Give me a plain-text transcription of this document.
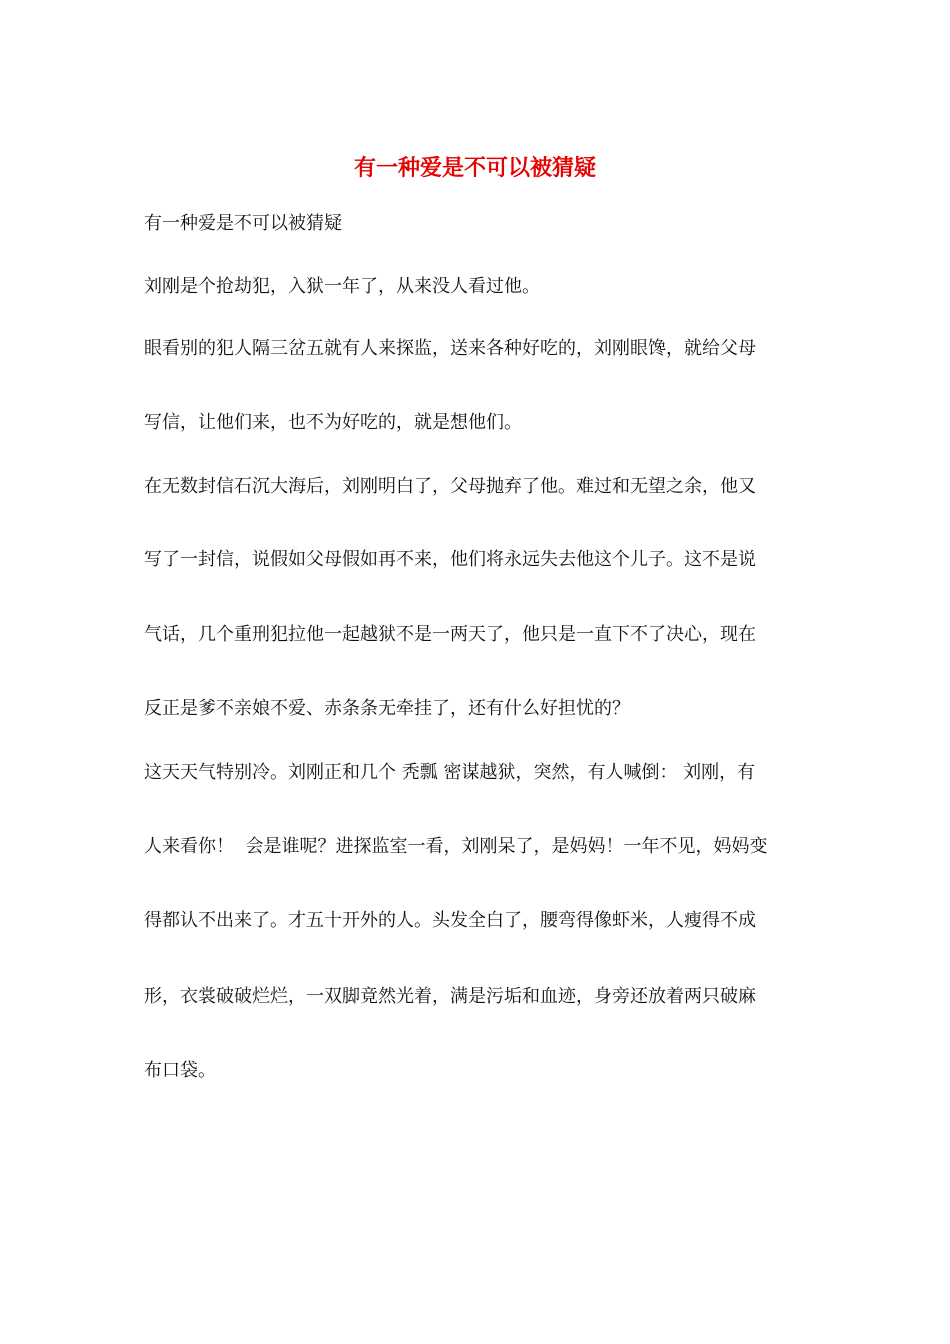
有一种爱是不可以被猜疑

有一种爱是不可以被猜疑

刘刚是个抢劫犯，入狱一年了，从来没人看过他。

眼看别的犯人隔三岔五就有人来探监，送来各种好吃的，刘刚眼馋，就给父母

写信，让他们来，也不为好吃的，就是想他们。

在无数封信石沉大海后，刘刚明白了，父母抛弃了他。难过和无望之余，他又

写了一封信，说假如父母假如再不来，他们将永远失去他这个儿子。这不是说

气话，几个重刑犯拉他一起越狱不是一两天了，他只是一直下不了决心，现在

反正是爹不亲娘不爱、赤条条无牵挂了，还有什么好担忧的？

这天天气特别冷。刘刚正和几个 秃瓢 密谋越狱，突然，有人喊倒： 刘刚，有

人来看你！  会是谁呢？进探监室一看，刘刚呆了，是妈妈！一年不见，妈妈变

得都认不出来了。才五十开外的人。头发全白了，腰弯得像虾米，人瘦得不成

形，衣裳破破烂烂，一双脚竟然光着，满是污垢和血迹，身旁还放着两只破麻

布口袋。
